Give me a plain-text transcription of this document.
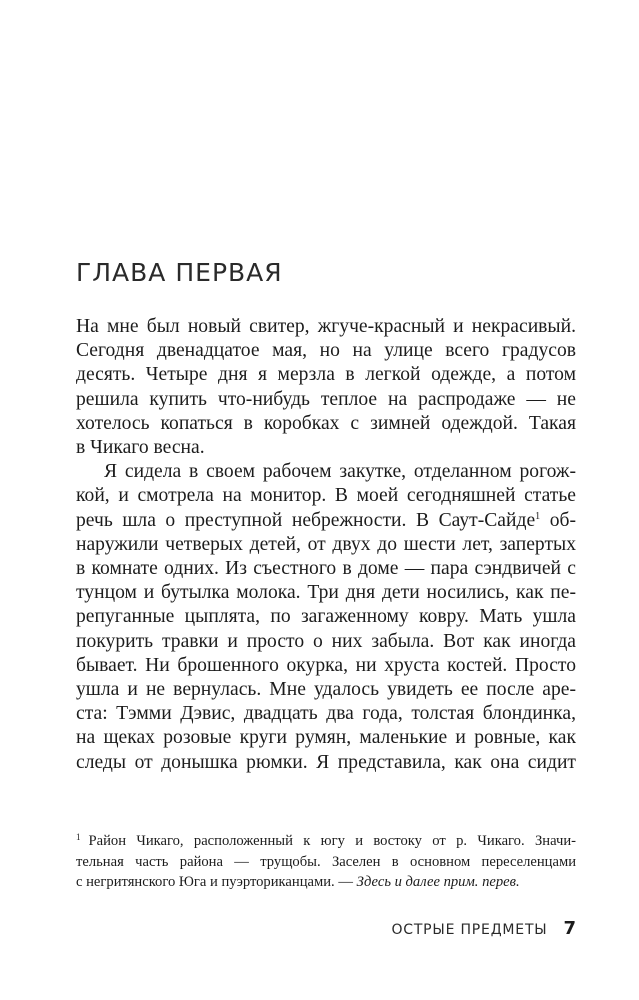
ГЛАВА ПЕРВАЯ
На мне был новый свитер, жгуче-красный и некрасивый.
Сегодня двенадцатое мая, но на улице всего градусов
десять. Четыре дня я мерзла в легкой одежде, а потом
решила купить что-нибудь теплое на распродаже — не
хотелось копаться в коробках с зимней одеждой. Такая
в Чикаго весна.
Я сидела в своем рабочем закутке, отделанном рогож-
кой, и смотрела на монитор. В моей сегодняшней статье
речь шла о преступной небрежности. В Саут-Сайде$^1$ об-
наружили четверых детей, от двух до шести лет, запертых
в комнате одних. Из съестного в доме — пара сэндвичей с
тунцом и бутылка молока. Три дня дети носились, как пе-
репуганные цыплята, по загаженному ковру. Мать ушла
покурить травки и просто о них забыла. Вот как иногда
бывает. Ни брошенного окурка, ни хруста костей. Просто
ушла и не вернулась. Мне удалось увидеть ее после аре-
ста: Тэмми Дэвис, двадцать два года, толстая блондинка,
на щеках розовые круги румян, маленькие и ровные, как
следы от донышка рюмки. Я представила, как она сидит
$^1$ Район Чикаго, расположенный к югу и востоку от р. Чикаго. Значи-
тельная часть района — трущобы. Заселен в основном переселенцами
с негритянского Юга и пуэрториканцами. — Здесь и далее прим. перев.
ОСТРЫЕ ПРЕДМЕТЫ 7
